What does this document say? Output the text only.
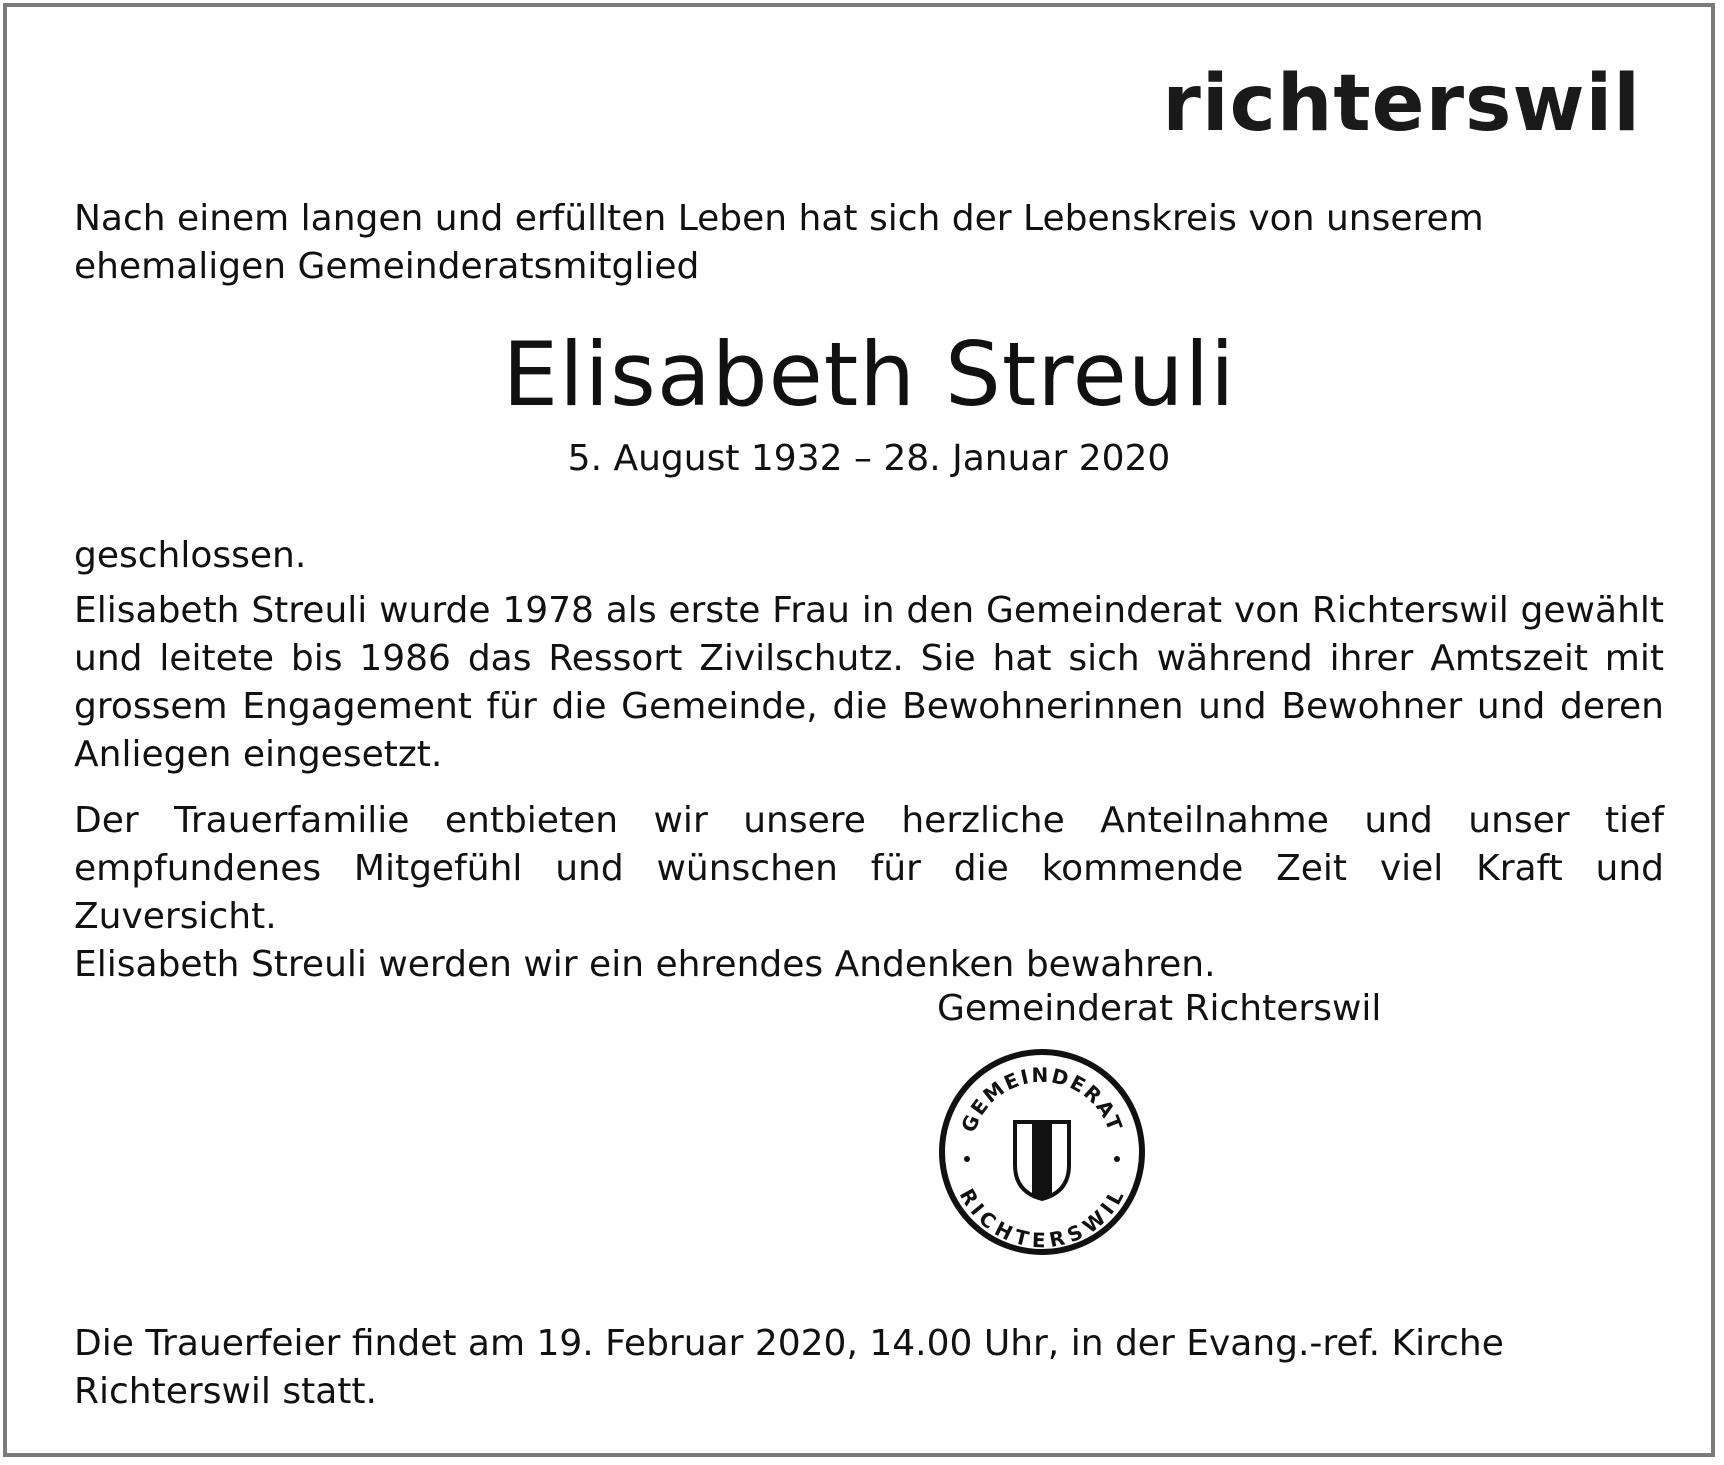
richterswil
Nach einem langen und erfüllten Leben hat sich der Lebenskreis von unserem ehemaligen Gemeinderatsmitglied
Elisabeth Streuli
5. August 1932 – 28. Januar 2020
geschlossen.

Elisabeth Streuli wurde 1978 als erste Frau in den Gemeinderat von Richterswil gewählt und leitete bis 1986 das Ressort Zivilschutz. Sie hat sich während ihrer Amtszeit mit grossem Engagement für die Gemeinde, die Bewohnerinnen und Bewohner und deren Anliegen eingesetzt.

Der Trauerfamilie entbieten wir unsere herzliche Anteilnahme und unser tief empfundenes Mitgefühl und wünschen für die kommende Zeit viel Kraft und Zuversicht.

Elisabeth Streuli werden wir ein ehrendes Andenken bewahren.

Gemeinderat Richterswil
GEMEINDERAT
RICHTERSWIL
Die Trauerfeier findet am 19. Februar 2020, 14.00 Uhr, in der Evang.-ref. Kirche Richterswil statt.
